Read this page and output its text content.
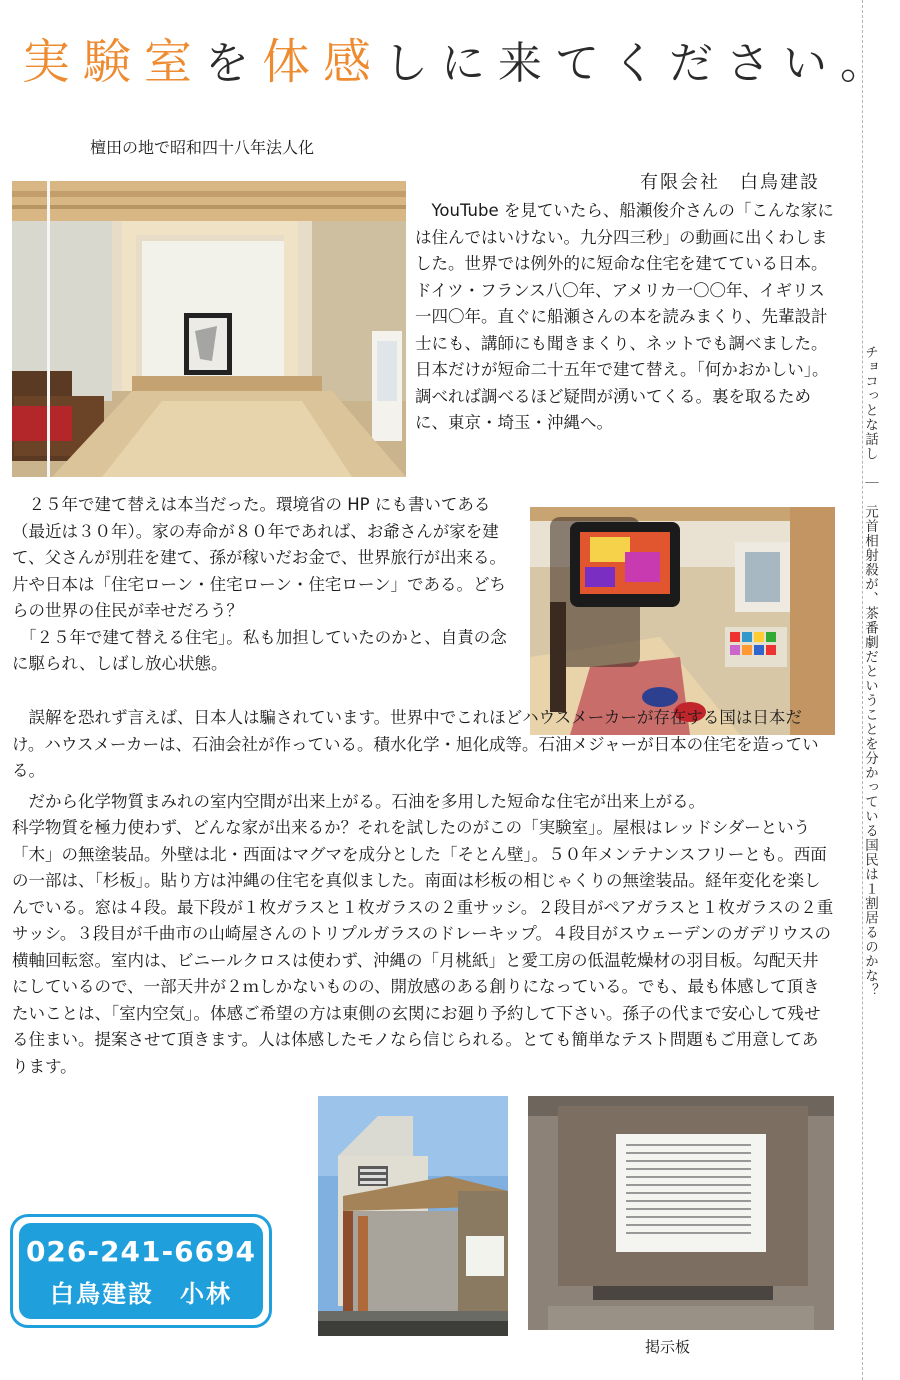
実験室を体感しに来てください。
檀田の地で昭和四十八年法人化
有限会社　白鳥建設

　YouTube を見ていたら、船瀬俊介さんの「こんな家には住んではいけない。九分四三秒」の動画に出くわしました。世界では例外的に短命な住宅を建てている日本。ドイツ・フランス八〇年、アメリカ一〇〇年、イギリス一四〇年。直ぐに船瀬さんの本を読みまくり、先輩設計士にも、講師にも聞きまくり、ネットでも調べました。日本だけが短命二十五年で建て替え。「何かおかしい」。調べれば調べるほど疑問が湧いてくる。裏を取るために、東京・埼玉・沖縄へ。

　２５年で建て替えは本当だった。環境省の HP にも書いてある（最近は３０年）。家の寿命が８０年であれば、お爺さんが家を建て、父さんが別荘を建て、孫が稼いだお金で、世界旅行が出来る。片や日本は「住宅ローン・住宅ローン・住宅ローン」である。どちらの世界の住民が幸せだろう？

「２５年で建て替える住宅」。私も加担していたのかと、自責の念に駆られ、しばし放心状態。

　誤解を恐れず言えば、日本人は騙されています。世界中でこれほどハウスメーカーが存在する国は日本だけ。ハウスメーカーは、石油会社が作っている。積水化学・旭化成等。石油メジャーが日本の住宅を造っている。

　だから化学物質まみれの室内空間が出来上がる。石油を多用した短命な住宅が出来上がる。

科学物質を極力使わず、どんな家が出来るか？それを試したのがこの「実験室」。屋根はレッドシダーという「木」の無塗装品。外壁は北・西面はマグマを成分とした「そとん壁」。５０年メンテナンスフリーとも。西面の一部は、「杉板」。貼り方は沖縄の住宅を真似ました。南面は杉板の相じゃくりの無塗装品。経年変化を楽しんでいる。窓は４段。最下段が１枚ガラスと１枚ガラスの２重サッシ。２段目がペアガラスと１枚ガラスの２重サッシ。３段目が千曲市の山崎屋さんのトリプルガラスのドレーキップ。４段目がスウェーデンのガデリウスの横軸回転窓。室内は、ビニールクロスは使わず、沖縄の「月桃紙」と愛工房の低温乾燥材の羽目板。勾配天井にしているので、一部天井が２ｍしかないものの、開放感のある創りになっている。でも、最も体感して頂きたいことは、「室内空気」。体感ご希望の方は東側の玄関にお廻り予約して下さい。孫子の代まで安心して残せる住まい。提案させて頂きます。人は体感したモノなら信じられる。とても簡単なテスト問題もご用意してあります。

掲示板
026-241-6694
白鳥建設　小林
チョコっとな話し　｜　元首相射殺が、茶番劇だということを分かっている国民は１割居るのかな？
